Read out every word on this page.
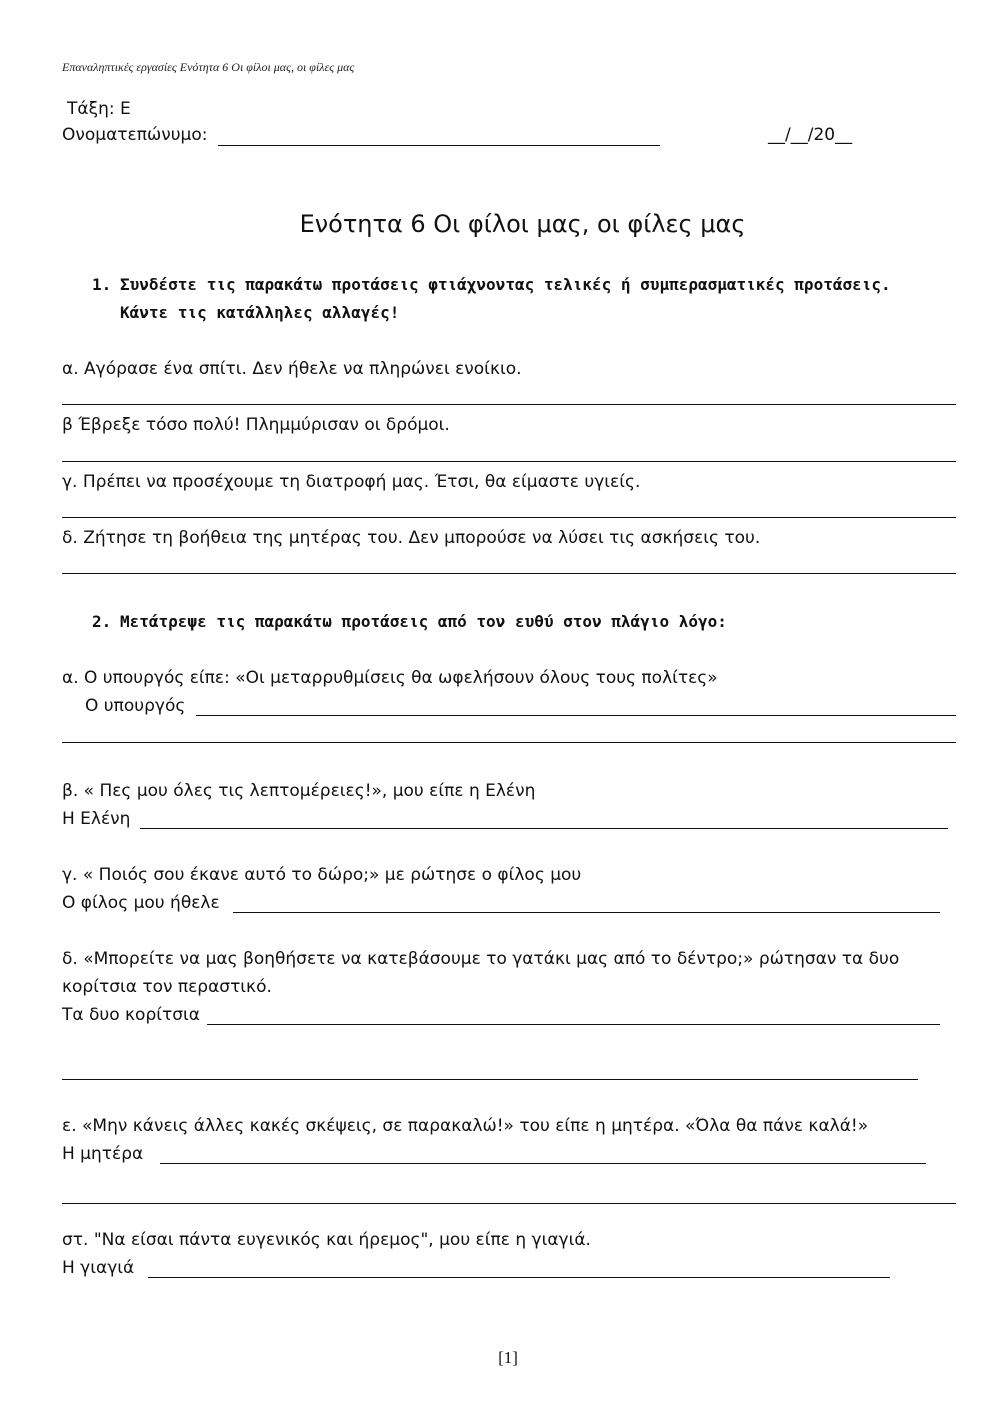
Επαναληπτικές εργασίες Ενότητα 6 Οι φίλοι μας, οι φίλες μας
Τάξη: Ε
Ονοματεπώνυμο:	__/__/20__
Ενότητα 6 Οι φίλοι μας, οι φίλες μας
1. Συνδέστε τις παρακάτω προτάσεις φτιάχνοντας τελικές ή συμπερασματικές προτάσεις.
Κάντε τις κατάλληλες αλλαγές!
α. Αγόρασε ένα σπίτι. Δεν ήθελε να πληρώνει ενοίκιο.
β Έβρεξε τόσο πολύ! Πλημμύρισαν οι δρόμοι.
γ. Πρέπει να προσέχουμε τη διατροφή μας. Έτσι, θα είμαστε υγιείς.
δ. Ζήτησε τη βοήθεια της μητέρας του. Δεν μπορούσε να λύσει τις ασκήσεις του.
2. Μετάτρεψε τις παρακάτω προτάσεις από τον ευθύ στον πλάγιο λόγο:
α. Ο υπουργός είπε: «Οι μεταρρυθμίσεις θα ωφελήσουν όλους τους πολίτες»
Ο υπουργός
β. « Πες μου όλες τις λεπτομέρειες!», μου είπε η Ελένη
Η Ελένη
γ. « Ποιός σου έκανε αυτό το δώρο;» με ρώτησε ο φίλος μου
Ο φίλος μου ήθελε
δ. «Μπορείτε να μας βοηθήσετε να κατεβάσουμε το γατάκι μας από το δέντρο;» ρώτησαν τα δυο
κορίτσια τον περαστικό.
Τα δυο κορίτσια
ε. «Μην κάνεις άλλες κακές σκέψεις, σε παρακαλώ!» του είπε η μητέρα. «Όλα θα πάνε καλά!»
Η μητέρα
στ. "Να είσαι πάντα ευγενικός και ήρεμος", μου είπε η γιαγιά.
Η γιαγιά
[1]
